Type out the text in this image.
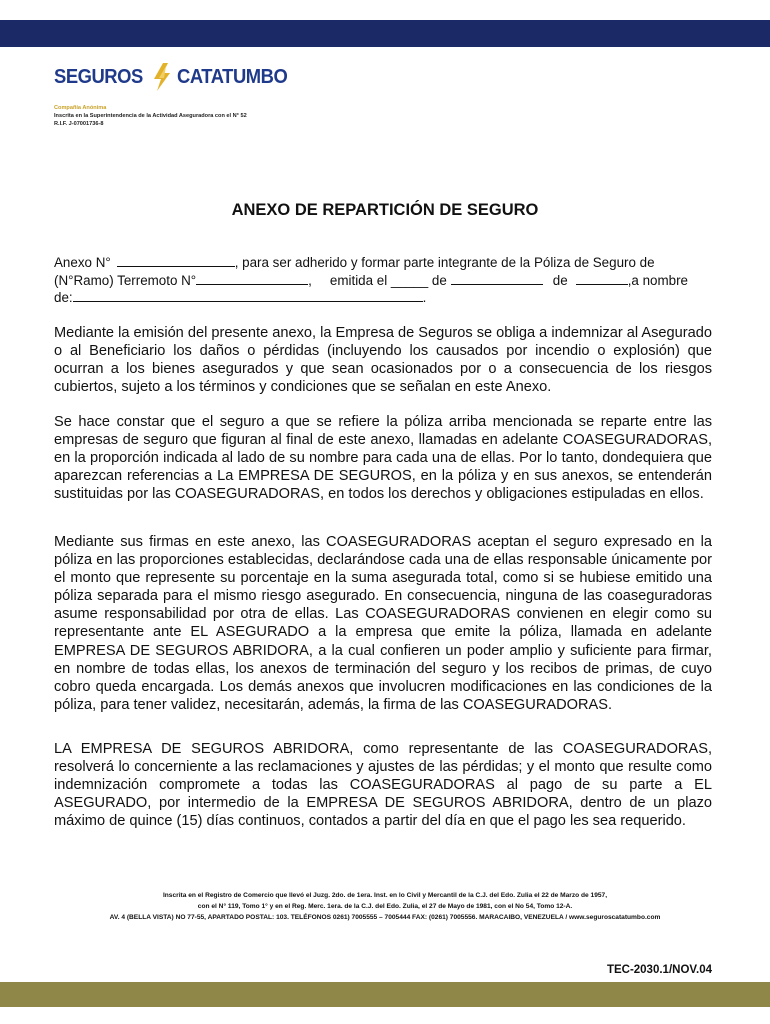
SEGUROS CATATUMBO
Compañía Anónima
Inscrita en la Superintendencia de la Actividad Aseguradora con el N° 52
R.I.F. J-07001736-8
ANEXO DE REPARTICIÓN DE SEGURO
Anexo N°	, para ser adherido y formar parte integrante de la Póliza de Seguro de
(N°Ramo) Terremoto N°	, emitida el _____ de	de	,a nombre
de:	.
Mediante la emisión del presente anexo, la Empresa de Seguros se obliga a indemnizar al Asegurado o al Beneficiario los daños o pérdidas (incluyendo los causados por incendio o explosión) que ocurran a los bienes asegurados y que sean ocasionados por o a consecuencia de los riesgos cubiertos, sujeto a los términos y condiciones que se señalan en este Anexo.
Se hace constar que el seguro a que se refiere la póliza arriba mencionada se reparte entre las empresas de seguro que figuran al final de este anexo, llamadas en adelante COASEGURADORAS, en la proporción indicada al lado de su nombre para cada una de ellas. Por lo tanto, dondequiera que aparezcan referencias a La EMPRESA DE SEGUROS, en la póliza y en sus anexos, se entenderán sustituidas por las COASEGURADORAS, en todos los derechos y obligaciones estipuladas en ellos.
Mediante sus firmas en este anexo, las COASEGURADORAS aceptan el seguro expresado en la póliza en las proporciones establecidas, declarándose cada una de ellas responsable únicamente por el monto que represente su porcentaje en la suma asegurada total, como si se hubiese emitido una póliza separada para el mismo riesgo asegurado. En consecuencia, ninguna de las coaseguradoras asume responsabilidad por otra de ellas. Las COASEGURADORAS convienen en elegir como su representante ante EL ASEGURADO a la empresa que emite la póliza, llamada en adelante EMPRESA DE SEGUROS ABRIDORA, a la cual confieren un poder amplio y suficiente para firmar, en nombre de todas ellas, los anexos de terminación del seguro y los recibos de primas, de cuyo cobro queda encargada. Los demás anexos que involucren modificaciones en las condiciones de la póliza, para tener validez, necesitarán, además, la firma de las COASEGURADORAS.
LA EMPRESA DE SEGUROS ABRIDORA, como representante de las COASEGURADORAS, resolverá lo concerniente a las reclamaciones y ajustes de las pérdidas; y el monto que resulte como indemnización compromete a todas las COASEGURADORAS al pago de su parte a EL ASEGURADO, por intermedio de la EMPRESA DE SEGUROS ABRIDORA, dentro de un plazo máximo de quince (15) días continuos, contados a partir del día en que el pago les sea requerido.
Inscrita en el Registro de Comercio que llevó el Juzg. 2do. de 1era. Inst. en lo Civil y Mercantil de la C.J. del Edo. Zulia el 22 de Marzo de 1957,
con el N° 119, Tomo 1° y en el Reg. Merc. 1era. de la C.J. del Edo. Zulia, el 27 de Mayo de 1981, con el No 54, Tomo 12-A.
AV. 4 (BELLA VISTA) NO 77-55, APARTADO POSTAL: 103. TELÉFONOS 0261) 7005555 – 7005444 FAX: (0261) 7005556. MARACAIBO, VENEZUELA / www.seguroscatatumbo.com
TEC-2030.1/NOV.04
